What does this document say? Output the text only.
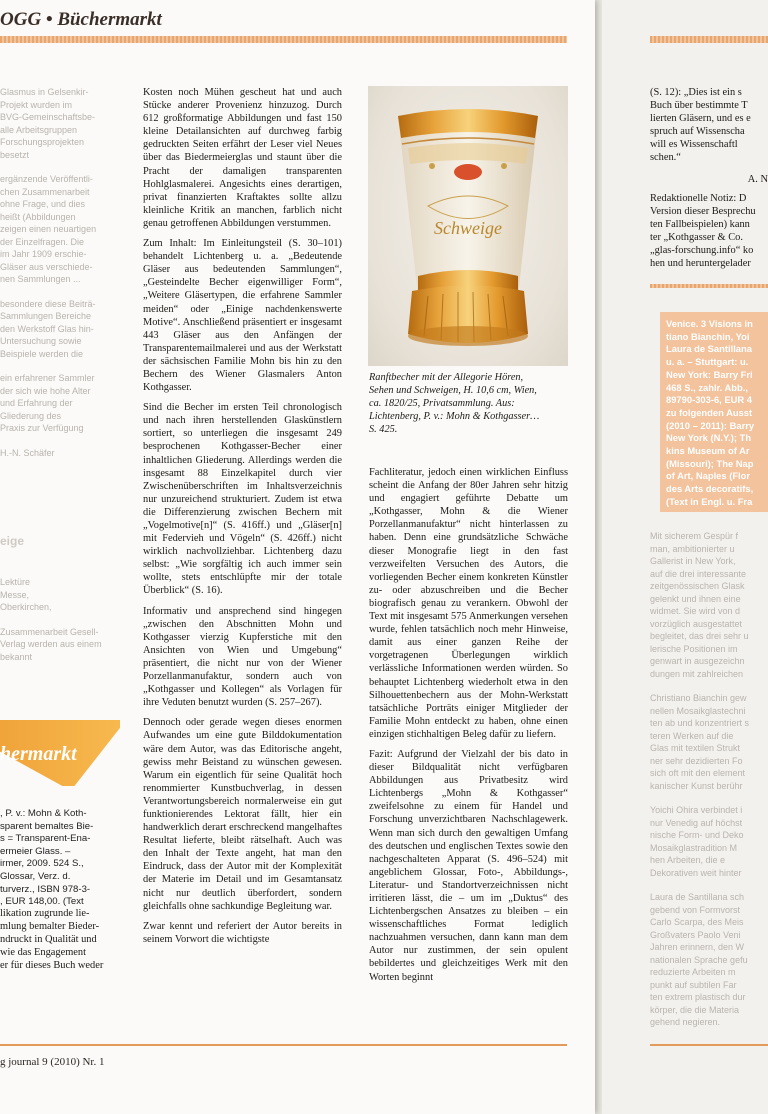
OGG • Büchermarkt
Glasmus in Gelsenkir-
Projekt wurden im
BVG-Gemeinschaftsbe-
alle Arbeitsgruppen
Forschungsprojekten
besetzt
ergänzende Veröffentli-
chen Zusammenarbeit
ohne Frage, und dies
heißt (Abbildungen
zeigen einen neuartigen
der Einzelfragen. Die
im Jahr 1909 erschie-
Gläser aus verschiede-
nen Sammlungen ...
besondere diese Beiträ-
Sammlungen Bereiche
den Werkstoff Glas hin-
Untersuchung sowie
Beispiele werden die
ein erfahrener Sammler
der sich wie hohe Alter
und Erfahrung der
Gliederung des
Praxis zur Verfügung
H.-N. Schäfer
eige
Lektüre
Messe,
Oberkirchen,
Zusammenarbeit Gesell-
Verlag werden aus einem
bekannt
hermarkt
, P. v.: Mohn & Koth-
sparent bemaltes Bie-
s = Transparent-Ena-
ermeier Glass. –
irmer, 2009. 524 S.,
Glossar, Verz. d.
turverz., ISBN 978-3-
, EUR 148,00. (Text
likation zugrunde lie-
mlung bemalter Bieder-
ndruckt in Qualität und
wie das Engagement
er für dieses Buch weder

Kosten noch Mühen gescheut hat und auch Stücke anderer Provenienz hinzuzog. Durch 612 großformatige Abbildungen und fast 150 kleine Detailansichten auf durchweg farbig gedruckten Seiten erfährt der Leser viel Neues über das Biedermeierglas und staunt über die Pracht der damaligen transparenten Hohlglasmalerei. Angesichts eines derartigen, privat finanzierten Kraftaktes sollte allzu kleinliche Kritik an manchen, farblich nicht genau getroffenen Abbildungen verstummen.

Zum Inhalt: Im Einleitungsteil (S. 30–101) behandelt Lichtenberg u. a. „Bedeutende Gläser aus bedeutenden Sammlungen“, „Gesteindelte Becher eigenwilliger Form“, „Weitere Gläsertypen, die erfahrene Sammler meiden“ oder „Einige nachdenkenswerte Motive“. Anschließend präsentiert er insgesamt 443 Gläser aus den Anfängen der Transparentemailmalerei und aus der Werkstatt der sächsischen Familie Mohn bis hin zu den Bechern des Wiener Glasmalers Anton Kothgasser.

Sind die Becher im ersten Teil chronologisch und nach ihren herstellenden Glaskünstlern sortiert, so unterliegen die insgesamt 249 besprochenen Kothgasser-Becher einer inhaltlichen Gliederung. Allerdings werden die insgesamt 88 Einzelkapitel durch vier Zwischenüberschriften im Inhaltsverzeichnis nur unzureichend strukturiert. Zudem ist etwa die Differenzierung zwischen Bechern mit „Vogelmotive[n]“ (S. 416ff.) und „Gläser[n] mit Federvieh und Vögeln“ (S. 426ff.) nicht wirklich nachvollziehbar. Lichtenberg dazu selbst: „Wie sorgfältig ich auch immer sein wollte, stets entschlüpfte mir der totale Überblick“ (S. 16).

Informativ und ansprechend sind hingegen „zwischen den Abschnitten Mohn und Kothgasser vierzig Kupferstiche mit den Ansichten von Wien und Umgebung“ präsentiert, die nicht nur von der Wiener Porzellanmanufaktur, sondern auch von „Kothgasser und Kollegen“ als Vorlagen für ihre Veduten benutzt wurden (S. 257–267).

Dennoch oder gerade wegen dieses enormen Aufwandes um eine gute Bilddokumentation wäre dem Autor, was das Editorische angeht, gewiss mehr Beistand zu wünschen gewesen. Warum ein eigentlich für seine Qualität hoch renommierter Kunstbuchverlag, in dessen Verantwortungsbereich normalerweise ein gut funktionierendes Lektorat fällt, hier ein handwerklich derart erschreckend mangelhaftes Resultat lieferte, bleibt rätselhaft. Auch was den Inhalt der Texte angeht, hat man den Eindruck, dass der Autor mit der Komplexität der Materie im Detail und im Gesamtansatz nicht nur deutlich überfordert, sondern gleichfalls ohne sachkundige Begleitung war.

Zwar kennt und referiert der Autor bereits in seinem Vorwort die wichtigste

Schweige
Ranftbecher mit der Allegorie Hören, Sehen und Schweigen, H. 10,6 cm, Wien, ca. 1820/25, Privatsammlung. Aus: Lichtenberg, P. v.: Mohn & Kothgasser… S. 425.

Fachliteratur, jedoch einen wirklichen Einfluss scheint die Anfang der 80er Jahren sehr hitzig und engagiert geführte Debatte um „Kothgasser, Mohn & die Wiener Porzellanmanufaktur“ nicht hinterlassen zu haben. Denn eine grundsätzliche Schwäche dieser Monografie liegt in den fast verzweifelten Versuchen des Autors, die vorliegenden Becher einem konkreten Künstler zu- oder abzuschreiben und die Becher biografisch genau zu verankern. Obwohl der Text mit insgesamt 575 Anmerkungen versehen wurde, fehlen tatsächlich noch mehr Hinweise, damit aus einer ganzen Reihe der vorgetragenen Überlegungen wirklich verlässliche Informationen werden würden. So behauptet Lichtenberg wiederholt etwa in den Silhouettenbechern aus der Mohn-Werkstatt tatsächliche Porträts einiger Mitglieder der Familie Mohn entdeckt zu haben, ohne einen einzigen stichhaltigen Beleg dafür zu liefern.

Fazit: Aufgrund der Vielzahl der bis dato in dieser Bildqualität nicht verfügbaren Abbildungen aus Privatbesitz wird Lichtenbergs „Mohn & Kothgasser“ zweifelsohne zu einem für Handel und Forschung unverzichtbaren Nachschlagewerk. Wenn man sich durch den gewaltigen Umfang des deutschen und englischen Textes sowie den nachgeschalteten Apparat (S. 496–524) mit angeblichem Glossar, Foto-, Abbildungs-, Literatur- und Standortverzeichnissen nicht irritieren lässt, die – um im „Duktus“ des Lichtenbergschen Ansatzes zu bleiben – ein wissenschaftliches Format lediglich nachzuahmen versuchen, dann kann man dem Autor nur zustimmen, der sein opulent bebildertes und gleichzeitiges Werk mit den Worten beginnt

(S. 12): „Dies ist ein s
Buch über bestimmte T
lierten Gläsern, und es e
spruch auf Wissenscha
will es Wissenschaftl
schen.“
A. N
Redaktionelle Notiz: D
Version dieser Besprechu
ten Fallbeispielen) kann
ter „Kothgasser & Co.
„glas-forschung.info“ ko
hen und heruntergelader
Venice. 3 Visions in
tiano Bianchin, Yoi
Laura de Santillana
u. a. – Stuttgart: u.
New York: Barry Fri
468 S., zahlr. Abb.,
89790-303-6, EUR 4
zu folgenden Ausst
(2010 – 2011): Barry
New York (N.Y.); Th
kins Museum of Ar
(Missouri); The Nap
of Art, Naples (Flor
des Arts decoratifs,
(Text in Engl. u. Fra
Mit sicherem Gespür f
man, ambitionierter u
Gallerist in New York,
auf die drei interessante
zeitgenössischen Glask
gelenkt und ihnen eine
widmet. Sie wird von d
vorzüglich ausgestattet
begleitet, das drei sehr u
lerische Positionen im
genwart in ausgezeichn
dungen mit zahlreichen
Christiano Bianchin gew
nellen Mosaikglastechni
ten ab und konzentriert s
teren Werken auf die
Glas mit textilen Strukt
ner sehr dezidierten Fo
sich oft mit den element
kanischer Kunst berühr
Yoichi Ohira verbindet i
nur Venedig auf höchst
nische Form- und Deko
Mosaikglastradition M
hen Arbeiten, die e
Dekorativen weit hinter
Laura de Santillana sch
gebend von Formvorst
Carlo Scarpa, des Meis
Großvaters Paolo Veni
Jahren erinnern, den W
nationalen Sprache gefu
reduzierte Arbeiten m
punkt auf subtilen Far
ten extrem plastisch dur
körper, die die Materia
gehend negieren.
g journal 9 (2010) Nr. 1
